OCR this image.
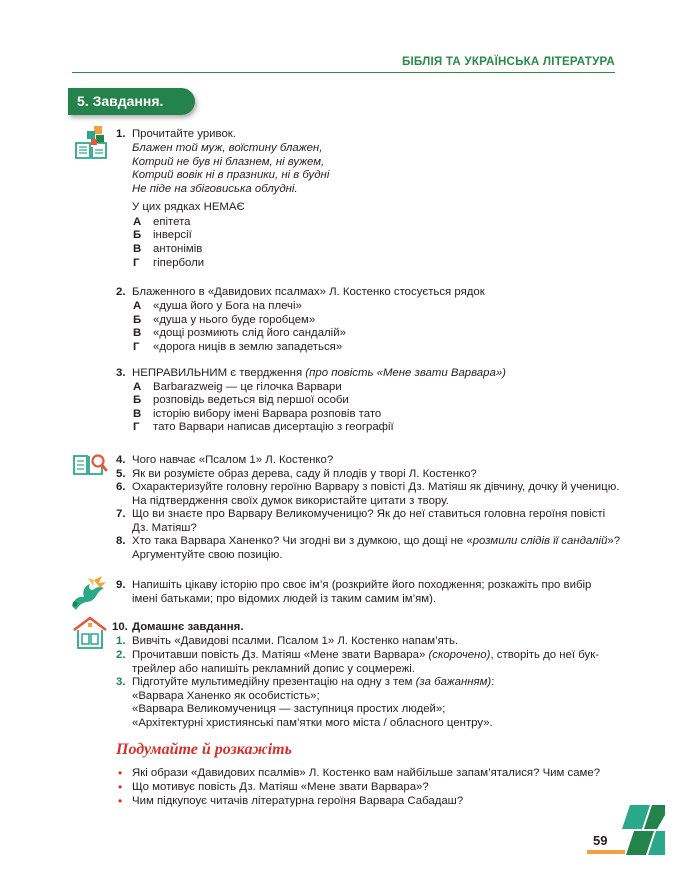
БІБЛІЯ ТА УКРАЇНСЬКА ЛІТЕРАТУРА
5. Завдання.
1. Прочитайте уривок.
Блажен той муж, воїстину блажен,
Котрий не був ні блазнем, ні вужем,
Котрий вовік ні в празники, ні в будні
Не піде на збіговиська облудні.
У цих рядках НЕМАЄ
А епітета
Б інверсії
В антонімів
Г гіперболи
2. Блаженного в «Давидових псалмах» Л. Костенко стосується рядок
А «душа його у Бога на плечі»
Б «душа у нього буде горобцем»
В «дощі розмиють слід його сандалій»
Г «дорога ниців в землю западеться»
3. НЕПРАВИЛЬНИМ є твердження (про повість «Мене звати Варвара»)
А Barbarazweig — це гілочка Варвари
Б розповідь ведеться від першої особи
В історію вибору імені Варвара розповів тато
Г тато Варвари написав дисертацію з географії
4. Чого навчає «Псалом 1» Л. Костенко?
5. Як ви розумієте образ дерева, саду й плодів у творі Л. Костенко?
6. Охарактеризуйте головну героїню Варвару з повісті Дз. Матіяш як дівчину, дочку й ученицю.
На підтвердження своїх думок використайте цитати з твору.
7. Що ви знаєте про Варвару Великомученицю? Як до неї ставиться головна героїня повісті
Дз. Матіяш?
8. Хто така Варвара Ханенко? Чи згодні ви з думкою, що дощі не «розмили слідів її сандалій»?
Аргументуйте свою позицію.
9. Напишіть цікаву історію про своє ім’я (розкрийте його походження; розкажіть про вибір
імені батьками; про відомих людей із таким самим ім’ям).
10. Домашнє завдання.
1. Вивчіть «Давидові псалми. Псалом 1» Л. Костенко напам’ять.
2. Прочитавши повість Дз. Матіяш «Мене звати Варвара» (скорочено), створіть до неї бук-
трейлер або напишіть рекламний допис у соцмережі.
3. Підготуйте мультимедійну презентацію на одну з тем (за бажанням):
«Варвара Ханенко як особистість»;
«Варвара Великомучениця — заступниця простих людей»;
«Архітектурні християнські пам’ятки мого міста / обласного центру».
Подумайте й розкажіть
• Які образи «Давидових псалмів» Л. Костенко вам найбільше запам’яталися? Чим саме?
• Що мотивує повість Дз. Матіяш «Мене звати Варвара»?
• Чим підкупоує читачів літературна героїня Варвара Сабадаш?
59
